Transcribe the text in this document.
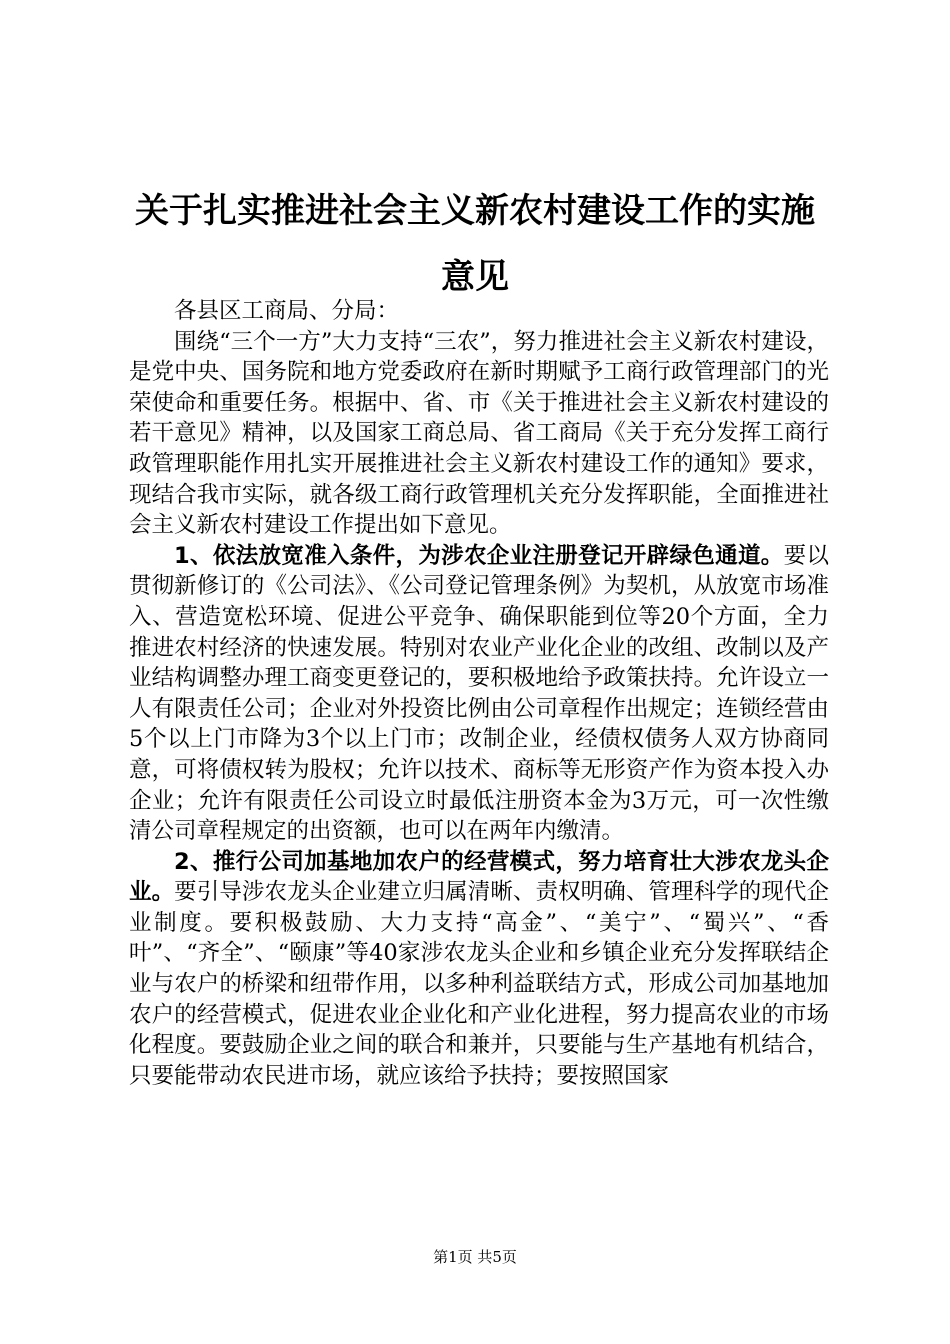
关于扎实推进社会主义新农村建设工作的实施意见

各县区工商局、分局：

围绕“三个一方”大力支持“三农”，努力推进社会主义新农村建设，是党中央、国务院和地方党委政府在新时期赋予工商行政管理部门的光荣使命和重要任务。根据中、省、市《关于推进社会主义新农村建设的若干意见》精神，以及国家工商总局、省工商局《关于充分发挥工商行政管理职能作用扎实开展推进社会主义新农村建设工作的通知》要求，现结合我市实际，就各级工商行政管理机关充分发挥职能，全面推进社会主义新农村建设工作提出如下意见。

1、依法放宽准入条件，为涉农企业注册登记开辟绿色通道。要以贯彻新修订的《公司法》、《公司登记管理条例》为契机，从放宽市场准入、营造宽松环境、促进公平竞争、确保职能到位等20个方面，全力推进农村经济的快速发展。特别对农业产业化企业的改组、改制以及产业结构调整办理工商变更登记的，要积极地给予政策扶持。允许设立一人有限责任公司；企业对外投资比例由公司章程作出规定；连锁经营由5个以上门市降为3个以上门市；改制企业，经债权债务人双方协商同意，可将债权转为股权；允许以技术、商标等无形资产作为资本投入办企业；允许有限责任公司设立时最低注册资本金为3万元，可一次性缴清公司章程规定的出资额，也可以在两年内缴清。

2、推行公司加基地加农户的经营模式，努力培育壮大涉农龙头企业。要引导涉农龙头企业建立归属清晰、责权明确、管理科学的现代企业制度。要积极鼓励、大力支持“高金”、“美宁”、“蜀兴”、“香叶”、“齐全”、“颐康”等40家涉农龙头企业和乡镇企业充分发挥联结企业与农户的桥梁和纽带作用，以多种利益联结方式，形成公司加基地加农户的经营模式，促进农业企业化和产业化进程，努力提高农业的市场化程度。要鼓励企业之间的联合和兼并，只要能与生产基地有机结合，只要能带动农民进市场，就应该给予扶持；要按照国家

第1页 共5页
